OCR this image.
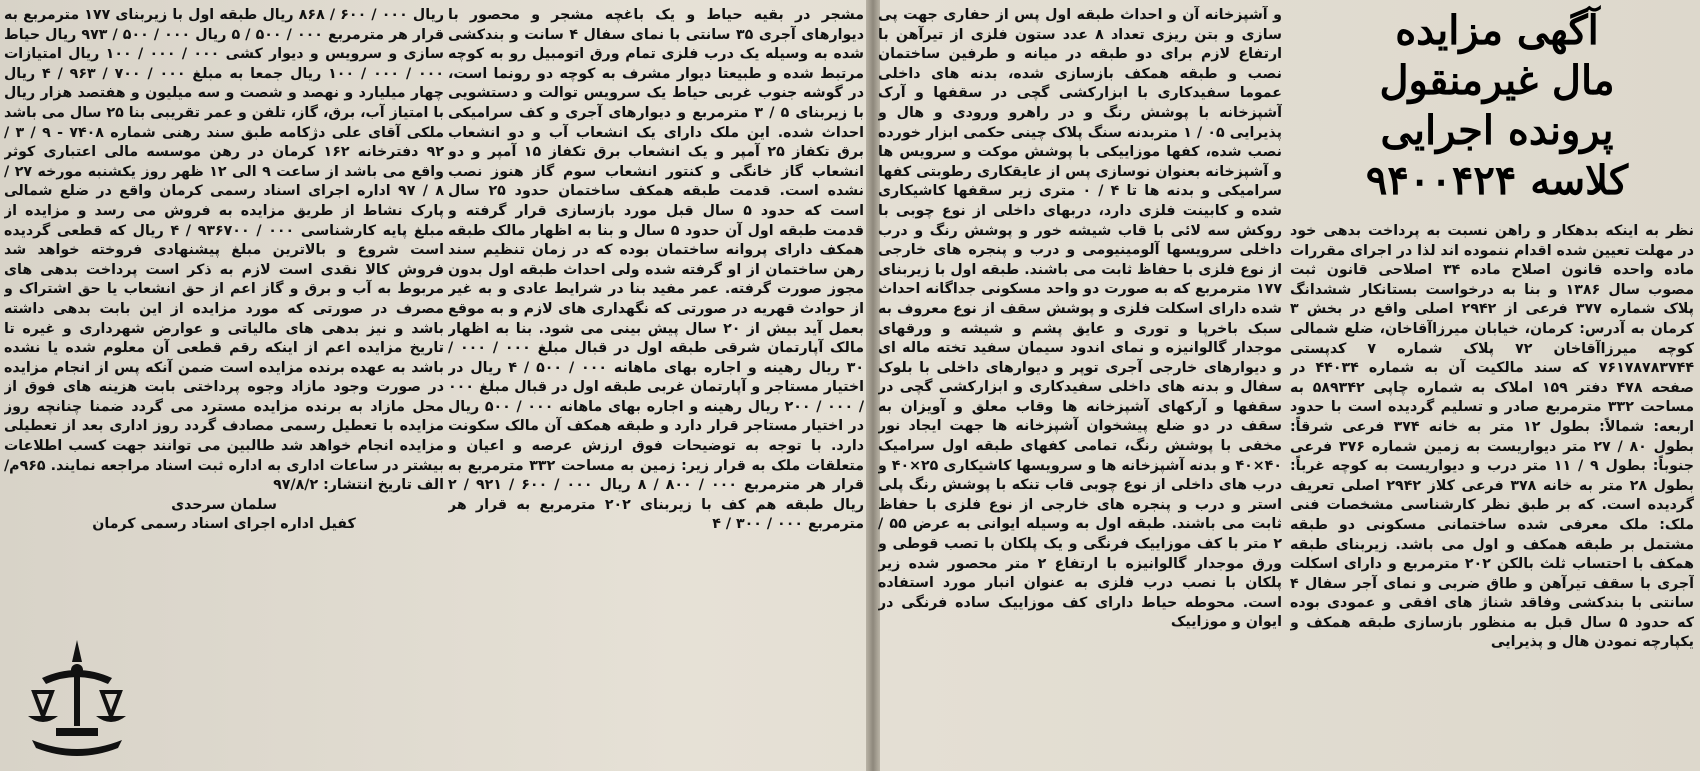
آگهی مزایده
مال غیرمنقول
پرونده اجرایی
کلاسه ۹۴۰۰۴۲۴

نظر به اینکه بدهکار و راهن نسبت به پرداخت بدهی خود در مهلت تعیین شده اقدام ننموده اند لذا در اجرای مقررات ماده واحده قانون اصلاح ماده ۳۴ اصلاحی قانون ثبت مصوب سال ۱۳۸۶ و بنا به درخواست بستانکار ششدانگ پلاک شماره ۳۷۷ فرعی از ۲۹۴۲ اصلی واقع در بخش ۳ کرمان به آدرس: کرمان، خیابان میرزاآقاخان، ضلع شمالی کوچه میرزاآقاخان ۷۲ پلاک شماره ۷ کدپستی ۷۶۱۷۸۷۸۳۷۴۴ که سند مالکیت آن به شماره ۴۴۰۳۴ در صفحه ۴۷۸ دفتر ۱۵۹ املاک به شماره چاپی ۵۸۹۳۴۲ به مساحت ۳۳۲ مترمربع صادر و تسلیم گردیده است با حدود اربعه: شمالاً: بطول ۱۲ متر به خانه ۳۷۴ فرعی شرقاً: بطول ۸۰ / ۲۷ متر دیواریست به زمین شماره ۳۷۶ فرعی جنوباً: بطول ۹ / ۱۱ متر درب و دیواریست به کوچه غرباً: بطول ۲۸ متر به خانه ۳۷۸ فرعی کلاز ۲۹۴۲ اصلی تعریف گردیده است. که بر طبق نظر کارشناسی مشخصات فنی ملک: ملک معرفی شده ساختمانی مسکونی دو طبقه مشتمل بر طبقه همکف و اول می باشد. زیربنای طبقه همکف با احتساب ثلث بالکن ۲۰۲ مترمربع و دارای اسکلت آجری با سقف تیرآهن و طاق ضربی و نمای آجر سفال ۴ سانتی با بندکشی وفاقد شناژ های افقی و عمودی بوده که حدود ۵ سال قبل به منظور بازسازی طبقه همکف و یکپارچه نمودن هال و پذیرایی

و آشپزخانه آن و احداث طبقه اول پس از حفاری جهت پی سازی و بتن ریزی تعداد ۸ عدد ستون فلزی از تیرآهن با ارتفاع لازم برای دو طبقه در میانه و طرفین ساختمان نصب و طبقه همکف بازسازی شده، بدنه های داخلی عموما سفیدکاری با ابزارکشی گچی در سقفها و آرک آشپزخانه با پوشش رنگ و در راهرو ورودی و هال و پذیرایی ۰۵ / ۱ متربدنه سنگ پلاک چینی حکمی ابزار خورده نصب شده، کفها موزاییکی با پوشش موکت و سرویس ها و آشپزخانه بعنوان نوسازی پس از عایقکاری رطوبتی کفها سرامیکی و بدنه ها تا ۴ / ۰ متری زیر سقفها کاشیکاری شده و کابینت فلزی دارد، دربهای داخلی از نوع چوبی با روکش سه لائی با قاب شیشه خور و پوشش رنگ و درب داخلی سرویسها آلومینیومی و درب و پنجره های خارجی از نوع فلزی با حفاظ ثابت می باشند. طبقه اول با زیربنای ۱۷۷ مترمربع که به صورت دو واحد مسکونی جداگانه احداث شده دارای اسکلت فلزی و پوشش سقف از نوع معروف به سبک باخرپا و توری و عایق پشم و شیشه و ورقهای موجدار گالوانیزه و نمای اندود سیمان سفید تخته ماله ای و دیوارهای خارجی آجری توپر و دیوارهای داخلی با بلوک سفال و بدنه های داخلی سفیدکاری و ابزارکشی گچی در سقفها و آرکهای آشپزخانه ها وقاب معلق و آویزان به سقف در دو ضلع پیشخوان آشپزخانه ها جهت ایجاد نور مخفی با پوشش رنگ، تمامی کفهای طبقه اول سرامیک ۴۰×۴۰ و بدنه آشپزخانه ها و سرویسها کاشیکاری ۲۵×۴۰ و درب های داخلی از نوع چوبی قاب تنکه با پوشش رنگ پلی استر و درب و پنجره های خارجی از نوع فلزی با حفاظ ثابت می باشند. طبقه اول به وسیله ایوانی به عرض ۵۵ / ۲ متر با کف موزاییک فرنگی و یک پلکان با تصب قوطی و ورق موجدار گالوانیزه با ارتفاع ۲ متر محصور شده زیر پلکان با نصب درب فلزی به عنوان انبار مورد استفاده است. محوطه حیاط دارای کف موزاییک ساده فرنگی در ایوان و موزاییک

مشجر در بقیه حیاط و یک باغچه مشجر و محصور با دیوارهای آجری ۳۵ سانتی با نمای سفال ۴ سانت و بندکشی شده به وسیله یک درب فلزی تمام ورق اتومبیل رو به کوچه مرتبط شده و طبیعتا دیوار مشرف به کوچه دو رونما است، در گوشه جنوب غربی حیاط یک سرویس توالت و دستشویی با زیربنای ۵ / ۳ مترمربع و دیوارهای آجری و کف سرامیکی احداث شده. این ملک دارای یک انشعاب آب و دو انشعاب برق تکفاز ۲۵ آمپر و یک انشعاب برق تکفاز ۱۵ آمپر و دو انشعاب گاز خانگی و کنتور انشعاب سوم گاز هنوز نصب نشده است. قدمت طبقه همکف ساختمان حدود ۲۵ سال است که حدود ۵ سال قبل مورد بازسازی قرار گرفته و قدمت طبقه اول آن حدود ۵ سال و بنا به اظهار مالک طبقه همکف دارای پروانه ساختمان بوده که در زمان تنظیم سند رهن ساختمان از او گرفته شده ولی احداث طبقه اول بدون مجوز صورت گرفته. عمر مفید بنا در شرایط عادی و به غیر از حوادث قهریه در صورتی که نگهداری های لازم و به موقع بعمل آید بیش از ۲۰ سال پیش بینی می شود. بنا به اظهار مالک آپارتمان شرقی طبقه اول در قبال مبلغ ۰۰۰ / ۰۰۰ / ۳۰ ریال رهینه و اجاره بهای ماهانه ۰۰۰ / ۵۰۰ / ۴ ریال در اختیار مستاجر و آپارتمان غربی طبقه اول در قبال مبلغ ۰۰۰ / ۰۰۰ / ۲۰۰ ریال رهینه و اجاره بهای ماهانه ۰۰۰ / ۵۰۰ ریال در اختیار مستاجر قرار دارد و طبقه همکف آن مالک سکونت دارد. با توجه به توضیحات فوق ارزش عرصه و اعیان و متعلقات ملک به قرار زیر: زمین به مساحت ۳۳۲ مترمربع به قرار هر مترمربع ۰۰۰ / ۸۰۰ / ۸ ریال ۰۰۰ / ۶۰۰ / ۹۲۱ / ۲ ریال طبقه هم کف با زیربنای ۲۰۲ مترمربع به قرار هر مترمربع ۰۰۰ / ۳۰۰ / ۴

ریال ۰۰۰ / ۶۰۰ / ۸۶۸ ریال طبقه اول با زیربنای ۱۷۷ مترمربع به قرار هر مترمربع ۰۰۰ / ۵۰۰ / ۵ ریال ۰۰۰ / ۵۰۰ / ۹۷۳ ریال حیاط سازی و سرویس و دیوار کشی ۰۰۰ / ۰۰۰ / ۱۰۰ ریال امتیازات ۰۰۰ / ۰۰۰ / ۱۰۰ ریال جمعا به مبلغ ۰۰۰ / ۷۰۰ / ۹۶۳ / ۴ ریال چهار میلیارد و نهصد و شصت و سه میلیون و هفتصد هزار ریال با امتیاز آب، برق، گاز، تلفن و عمر تقریبی بنا ۲۵ سال می باشد ملکی آقای علی دژکامه طبق سند رهنی شماره ۷۴۰۸ - ۹ / ۳ / ۹۲ دفترخانه ۱۶۲ کرمان در رهن موسسه مالی اعتباری کوثر واقع می باشد از ساعت ۹ الی ۱۲ ظهر روز یکشنبه مورخه ۲۷ / ۸ / ۹۷ اداره اجرای اسناد رسمی کرمان واقع در ضلع شمالی پارک نشاط از طریق مزایده به فروش می رسد و مزایده از مبلغ پایه کارشناسی ۰۰۰ / ۹۳۶۷۰۰ / ۴ ریال که قطعی گردیده است شروع و بالاترین مبلغ پیشنهادی فروخته خواهد شد فروش کالا نقدی است لازم به ذکر است پرداخت بدهی های مربوط به آب و برق و گاز اعم از حق انشعاب یا حق اشتراک و مصرف در صورتی که مورد مزایده از این بابت بدهی داشته باشد و نیز بدهی های مالیاتی و عوارض شهرداری و غیره تا تاریخ مزایده اعم از اینکه رقم قطعی آن معلوم شده یا نشده باشد به عهده برنده مزایده است ضمن آنکه پس از انجام مزایده در صورت وجود مازاد وجوه پرداختی بابت هزینه های فوق از محل مازاد به برنده مزایده مسترد می گردد ضمنا چنانچه روز مزایده با تعطیل رسمی مصادف گردد روز اداری بعد از تعطیلی مزایده انجام خواهد شد طالبین می توانند جهت کسب اطلاعات بیشتر در ساعات اداری به اداره ثبت اسناد مراجعه نمایند. ۹۶۵م/الف تاریخ انتشار: ۹۷/۸/۲

سلمان سرحدی

کفیل اداره اجرای اسناد رسمی کرمان
